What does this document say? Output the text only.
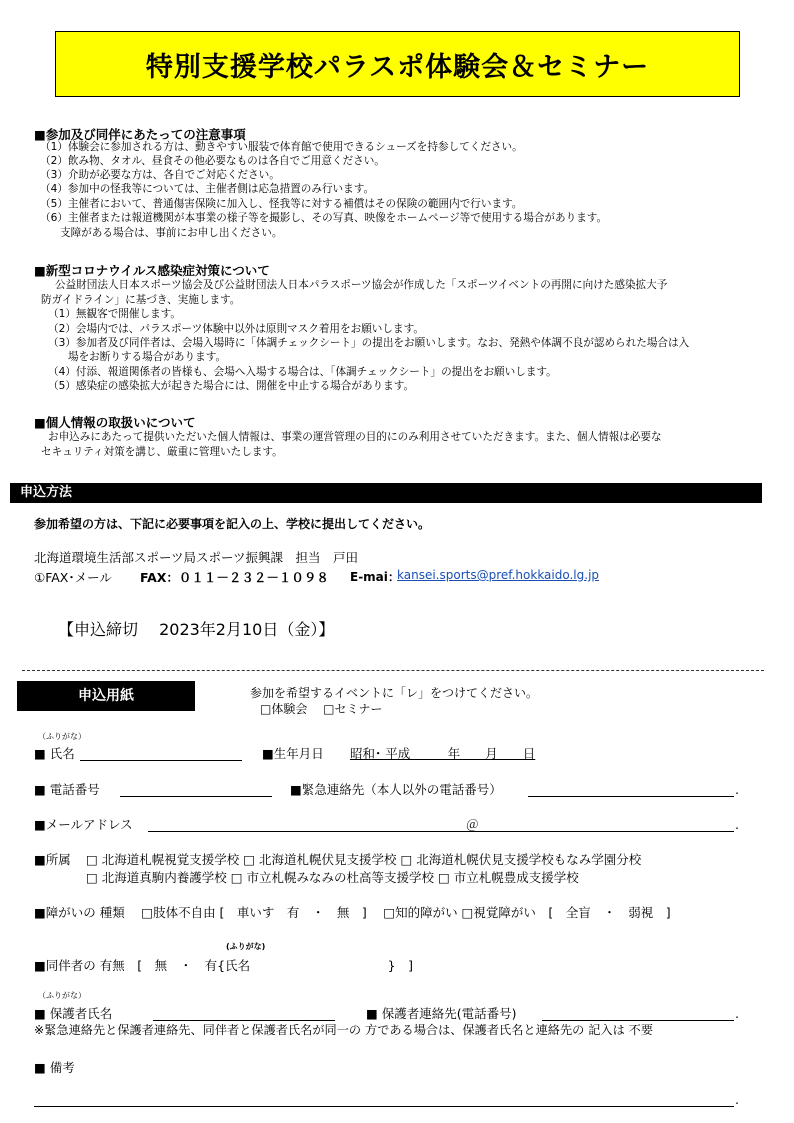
特別支援学校パラスポ体験会＆セミナー
■参加及び同伴にあたっての注意事項
（1）体験会に参加される方は、動きやすい服装で体育館で使用できるシューズを持参してください。
（2）飲み物、タオル、昼食その他必要なものは各自でご用意ください。
（3）介助が必要な方は、各自でご対応ください。
（4）参加中の怪我等については、主催者側は応急措置のみ行います。
（5）主催者において、普通傷害保険に加入し、怪我等に対する補償はその保険の範囲内で行います。
（6）主催者または報道機関が本事業の様子等を撮影し、その写真、映像をホームページ等で使用する場合があります。
支障がある場合は、事前にお申し出ください。
■新型コロナウイルス感染症対策について
公益財団法人日本スポーツ協会及び公益財団法人日本パラスポーツ協会が作成した「スポーツイベントの再開に向けた感染拡大予
防ガイドライン」に基づき、実施します。
（1）無観客で開催します。
（2）会場内では、パラスポーツ体験中以外は原則マスク着用をお願いします。
（3）参加者及び同伴者は、会場入場時に「体調チェックシート」の提出をお願いします。なお、発熱や体調不良が認められた場合は入
場をお断りする場合があります。
（4）付添、報道関係者の皆様も、会場へ入場する場合は、「体調チェックシート」の提出をお願いします。
（5）感染症の感染拡大が起きた場合には、開催を中止する場合があります。
■個人情報の取扱いについて
お申込みにあたって提供いただいた個人情報は、事業の運営管理の目的にのみ利用させていただきます。また、個人情報は必要な
セキュリティ対策を講じ、厳重に管理いたします。
申込方法
参加希望の方は、下記に必要事項を記入の上、学校に提出してください。
北海道環境生活部スポーツ局スポーツ振興課　担当　戸田
①FAX･メール FAX：０１１－２３２－１０９８ E-mai：
kansei.sports@pref.hokkaido.lg.jp
【申込締切　 2023年2月10日（金）】
申込用紙	参加を希望するイベントに「レ」をつけてください。
□体験会　 □セミナー
（ふりがな）
■ 氏名	■生年月日 昭和･ 平成　　　年　　月　　日
■ 電話番号	■緊急連絡先（本人以外の電話番号）	.
■メールアドレス	＠	.
■所属 □ 北海道札幌視覚支援学校 □ 北海道札幌伏見支援学校 □ 北海道札幌伏見支援学校もなみ学園分校
□ 北海道真駒内養護学校 □ 市立札幌みなみの杜高等支援学校 □ 市立札幌豊成支援学校
■障がいの 種類　 □肢体不自由 [　車いす　有　・　無　]　 □知的障がい □視覚障がい　[　全盲　・　弱視　]
(ふりがな)
■同伴者の 有無　[　無　・　有{氏名　　　　　　　　　　　}　]
（ふりがな）
■ 保護者氏名	■ 保護者連絡先(電話番号)	.
※緊急連絡先と保護者連絡先、同伴者と保護者氏名が同一の 方である場合は、保護者氏名と連絡先の 記入は 不要
■ 備考
.
